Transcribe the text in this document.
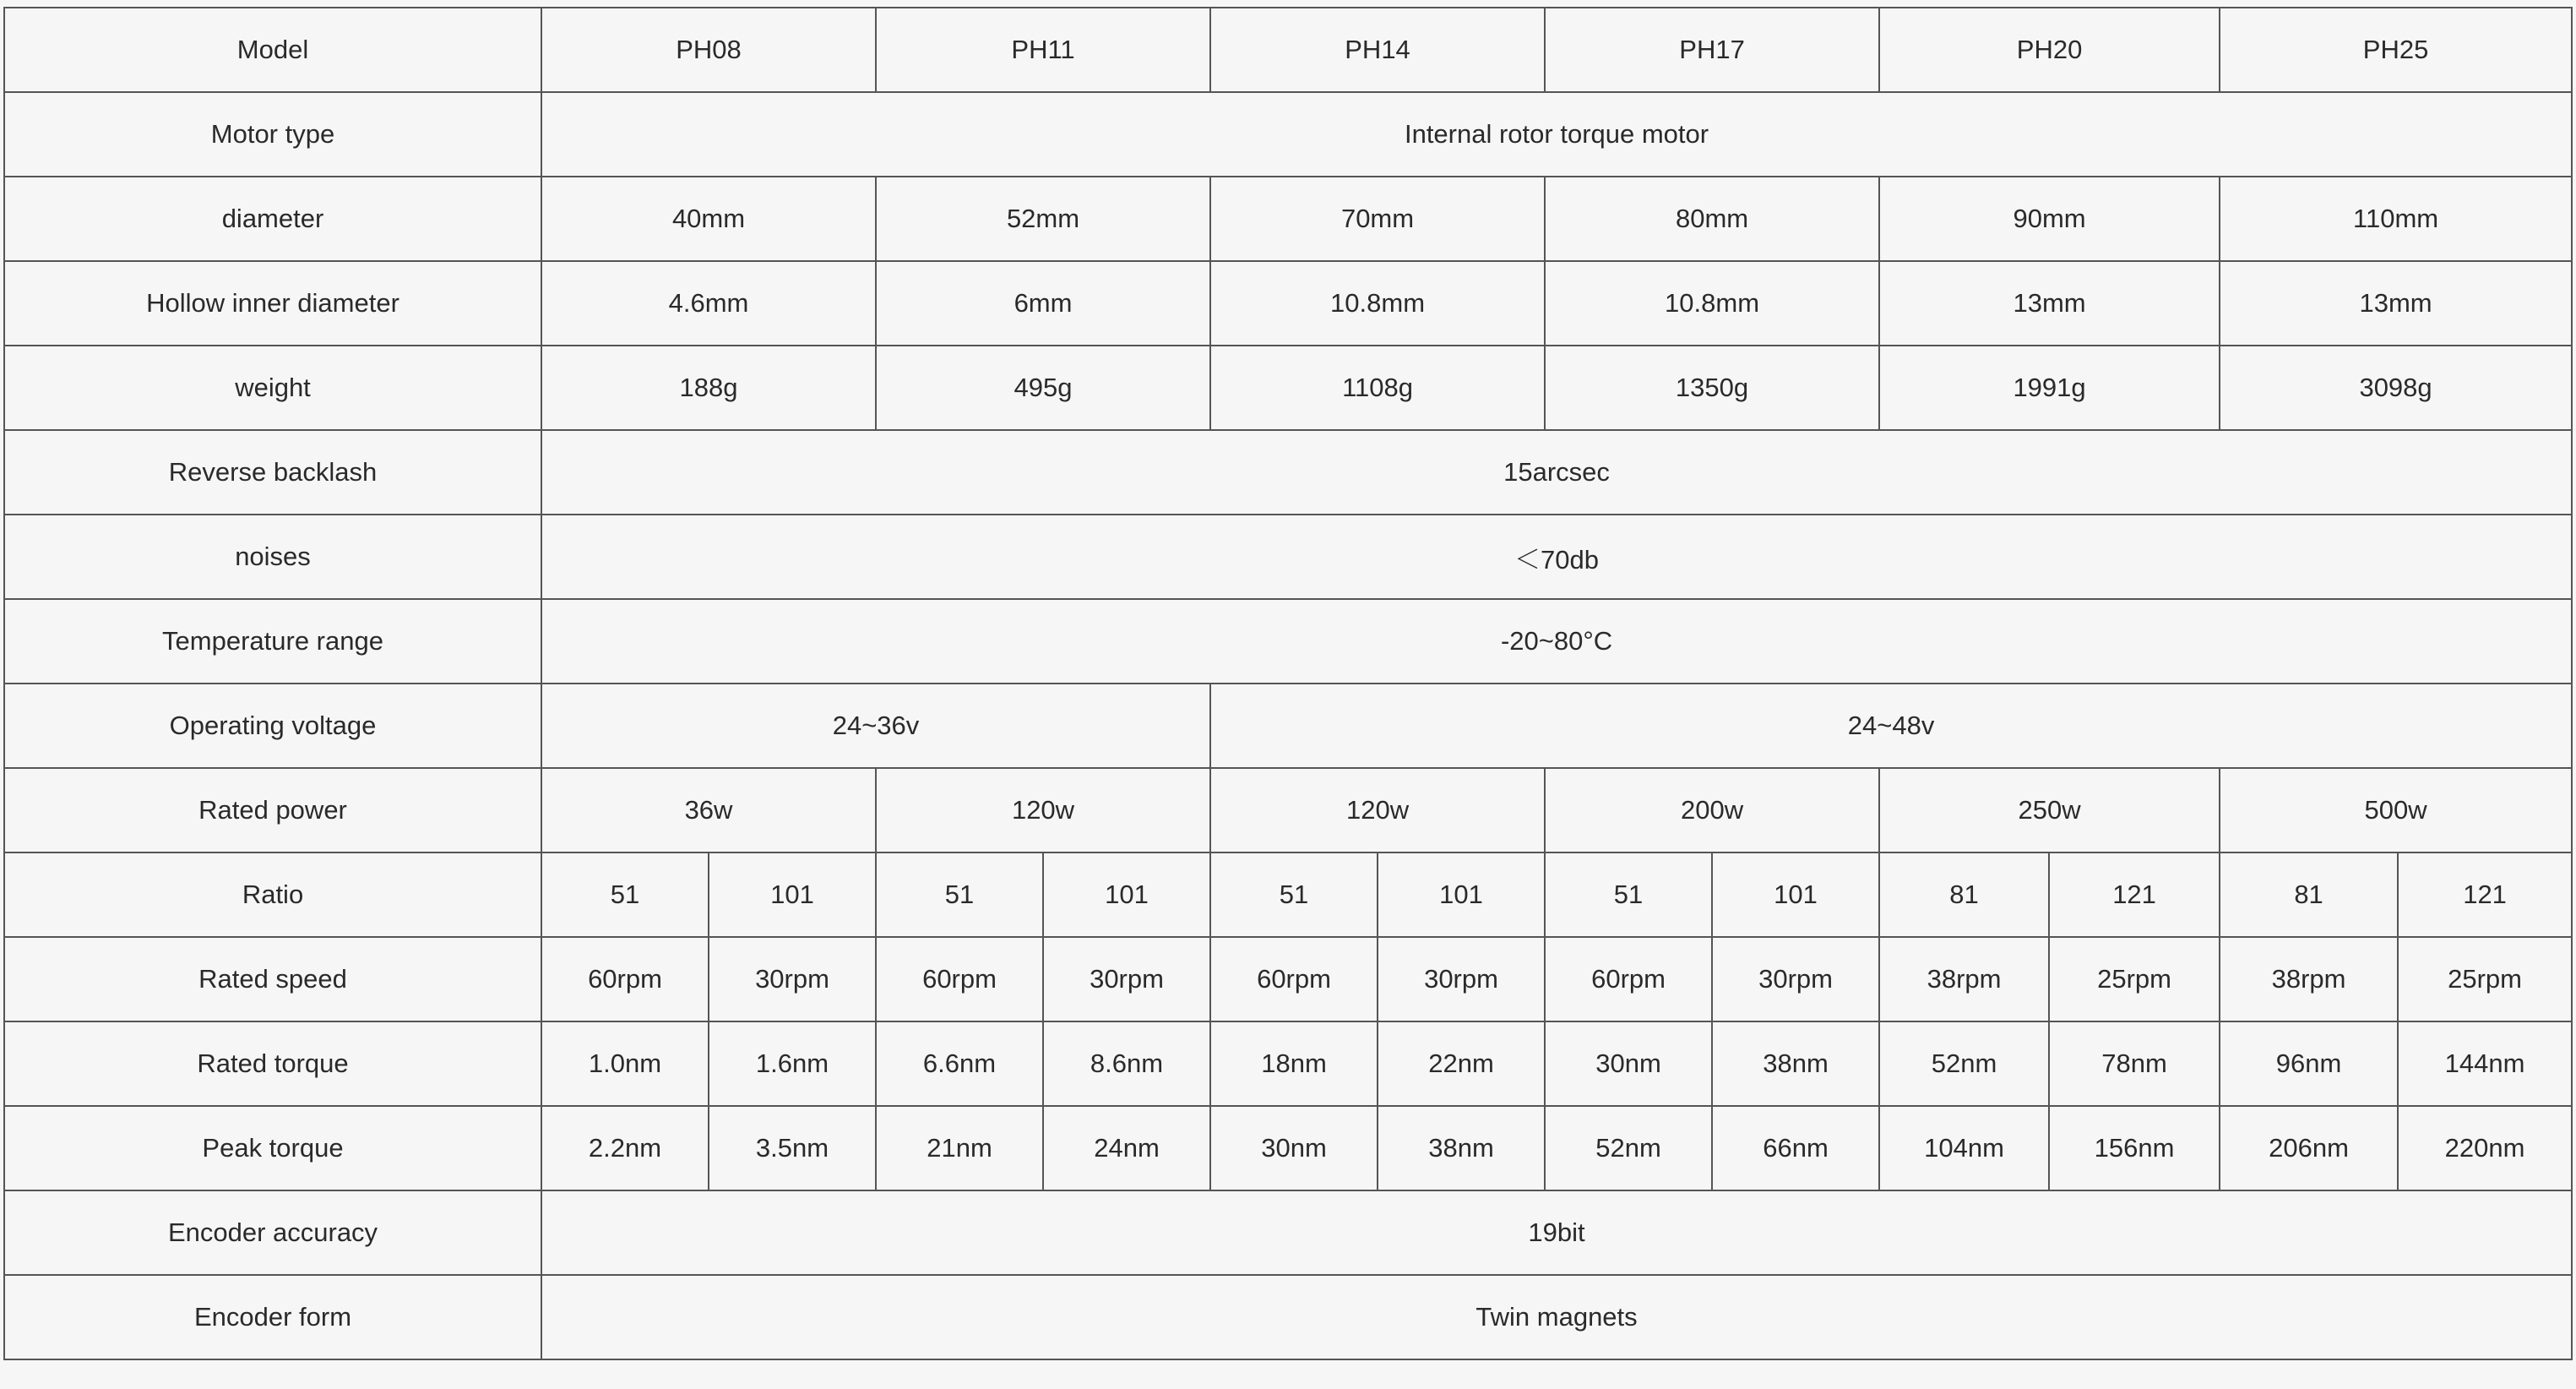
Model	PH08		PH11		PH14		PH17		PH20		PH25	
Motor type	Internal rotor torque motor											
diameter	40mm		52mm		70mm		80mm		90mm		110mm	
Hollow inner diameter	4.6mm		6mm		10.8mm		10.8mm		13mm		13mm	
weight	188g		495g		1108g		1350g		1991g		3098g	
Reverse backlash	15arcsec											
noises	＜70db											
Temperature range	-20~80°C											
Operating voltage	24~36v				24~48v							
Rated power	36w		120w		120w		200w		250w		500w	
Ratio	51	101	51	101	51	101	51	101	81	121	81	121
Rated speed	60rpm	30rpm	60rpm	30rpm	60rpm	30rpm	60rpm	30rpm	38rpm	25rpm	38rpm	25rpm
Rated torque	1.0nm	1.6nm	6.6nm	8.6nm	18nm	22nm	30nm	38nm	52nm	78nm	96nm	144nm
Peak torque	2.2nm	3.5nm	21nm	24nm	30nm	38nm	52nm	66nm	104nm	156nm	206nm	220nm
Encoder accuracy	19bit											
Encoder form	Twin magnets											
